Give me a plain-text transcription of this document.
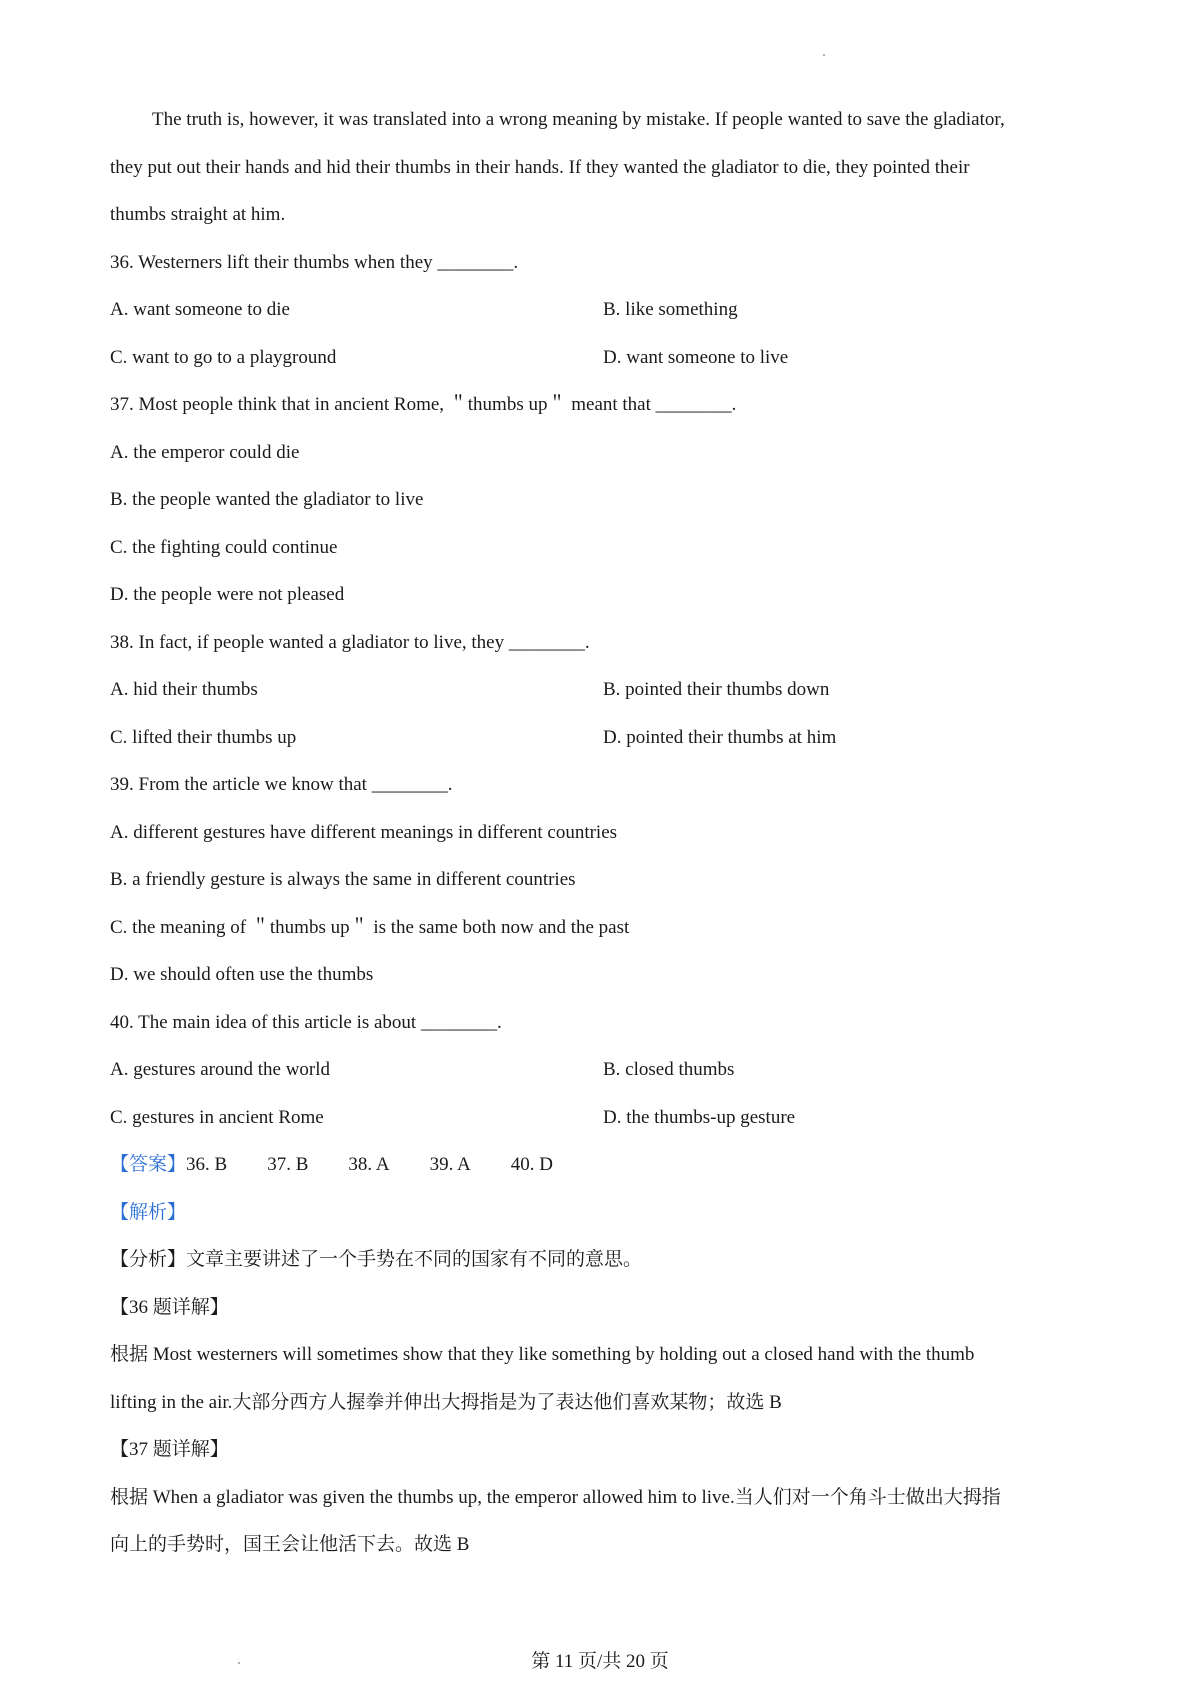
The truth is, however, it was translated into a wrong meaning by mistake. If people wanted to save the gladiator,
they put out their hands and hid their thumbs in their hands. If they wanted the gladiator to die, they pointed their
thumbs straight at him.
36. Westerners lift their thumbs when they ________.
A. want someone to die	B. like something
C. want to go to a playground	D. want someone to live
37. Most people think that in ancient Rome, ＂thumbs up＂ meant that ________.
A. the emperor could die
B. the people wanted the gladiator to live
C. the fighting could continue
D. the people were not pleased
38. In fact, if people wanted a gladiator to live, they ________.
A. hid their thumbs	B. pointed their thumbs down
C. lifted their thumbs up	D. pointed their thumbs at him
39. From the article we know that ________.
A. different gestures have different meanings in different countries
B. a friendly gesture is always the same in different countries
C. the meaning of ＂thumbs up＂ is the same both now and the past
D. we should often use the thumbs
40. The main idea of this article is about ________.
A. gestures around the world	B. closed thumbs
C. gestures in ancient Rome	D. the thumbs-up gesture
【答案】36. B 37. B 38. A 39. A 40. D
【解析】
【分析】文章主要讲述了一个手势在不同的国家有不同的意思。
【36 题详解】
根据 Most westerners will sometimes show that they like something by holding out a closed hand with the thumb
lifting in the air.大部分西方人握拳并伸出大拇指是为了表达他们喜欢某物；故选 B
【37 题详解】
根据 When a gladiator was given the thumbs up, the emperor allowed him to live.当人们对一个角斗士做出大拇指
向上的手势时，国王会让他活下去。故选 B
第 11 页/共 20 页
